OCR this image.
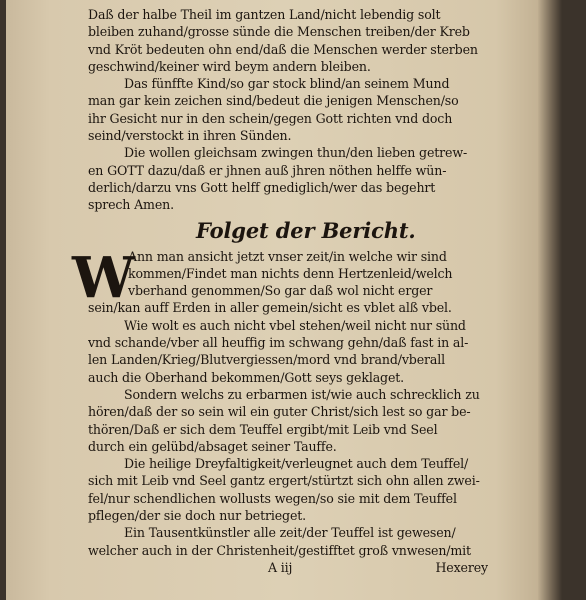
Daß der halbe Theil im gantzen Land/nicht lebendig solt
bleiben zuhand/grosse sünde die Menschen treiben/der Kreb
vnd Kröt bedeuten ohn end/daß die Menschen werder sterben
geschwind/keiner wird beym andern bleiben.
Das fünffte Kind/so gar stock blind/an seinem Mund
man gar kein zeichen sind/bedeut die jenigen Menschen/so
ihr Gesicht nur in den schein/gegen Gott richten vnd doch
seind/verstockt in ihren Sünden.
Die wollen gleichsam zwingen thun/den lieben getrew-
en GOTT dazu/daß er jhnen auß jhren nöthen helffe wün-
derlich/darzu vns Gott helff gnediglich/wer das begehrt
sprech Amen.
Folget der Bericht.
W
Ann man ansicht jetzt vnser zeit/in welche wir sind
kommen/Findet man nichts denn Hertzenleid/welch
vberhand genommen/So gar daß wol nicht erger
sein/kan auff Erden in aller gemein/sicht es vblet alß vbel.
Wie wolt es auch nicht vbel stehen/weil nicht nur sünd
vnd schande/vber all heuffig im schwang gehn/daß fast in al-
len Landen/Krieg/Blutvergiessen/mord vnd brand/vberall
auch die Oberhand bekommen/Gott seys geklaget.
Sondern welchs zu erbarmen ist/wie auch schrecklich zu
hören/daß der so sein wil ein guter Christ/sich lest so gar be-
thören/Daß er sich dem Teuffel ergibt/mit Leib vnd Seel
durch ein gelübd/absaget seiner Tauffe.
Die heilige Dreyfaltigkeit/verleugnet auch dem Teuffel/
sich mit Leib vnd Seel gantz ergert/stürtzt sich ohn allen zwei-
fel/nur schendlichen wollusts wegen/so sie mit dem Teuffel
pflegen/der sie doch nur betrieget.
Ein Tausentkünstler alle zeit/der Teuffel ist gewesen/
welcher auch in der Christenheit/gestifftet groß vnwesen/mit
A iij	Hexerey
